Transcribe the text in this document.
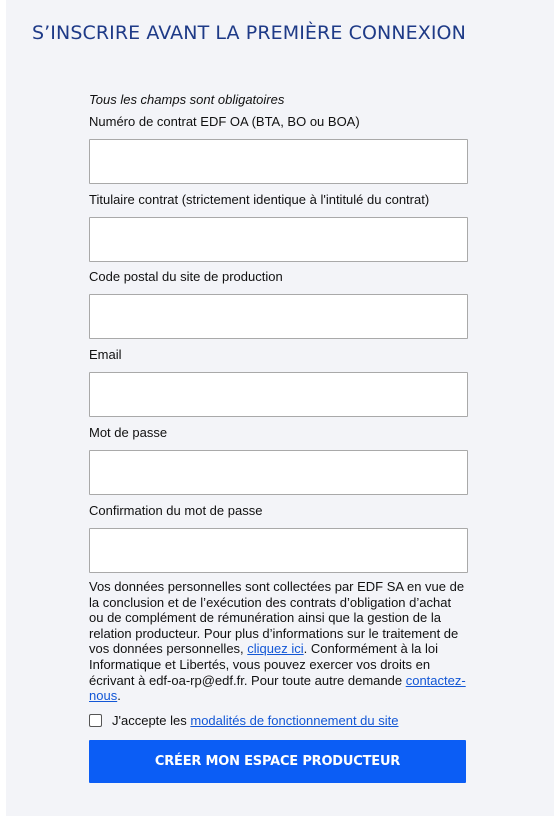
S’INSCRIRE AVANT LA PREMIÈRE CONNEXION
Tous les champs sont obligatoires
Numéro de contrat EDF OA (BTA, BO ou BOA)
Titulaire contrat (strictement identique à l'intitulé du contrat)
Code postal du site de production
Email
Mot de passe
Confirmation du mot de passe

Vos données personnelles sont collectées par EDF SA en vue de la conclusion et de l’exécution des contrats d’obligation d’achat ou de complément de rémunération ainsi que la gestion de la relation producteur. Pour plus d’informations sur le traitement de vos données personnelles, cliquez ici. Conformément à la loi Informatique et Libertés, vous pouvez exercer vos droits en écrivant à edf-oa-rp@edf.fr. Pour toute autre demande contactez-nous.

J'accepte les modalités de fonctionnement du site
CRÉER MON ESPACE PRODUCTEUR
